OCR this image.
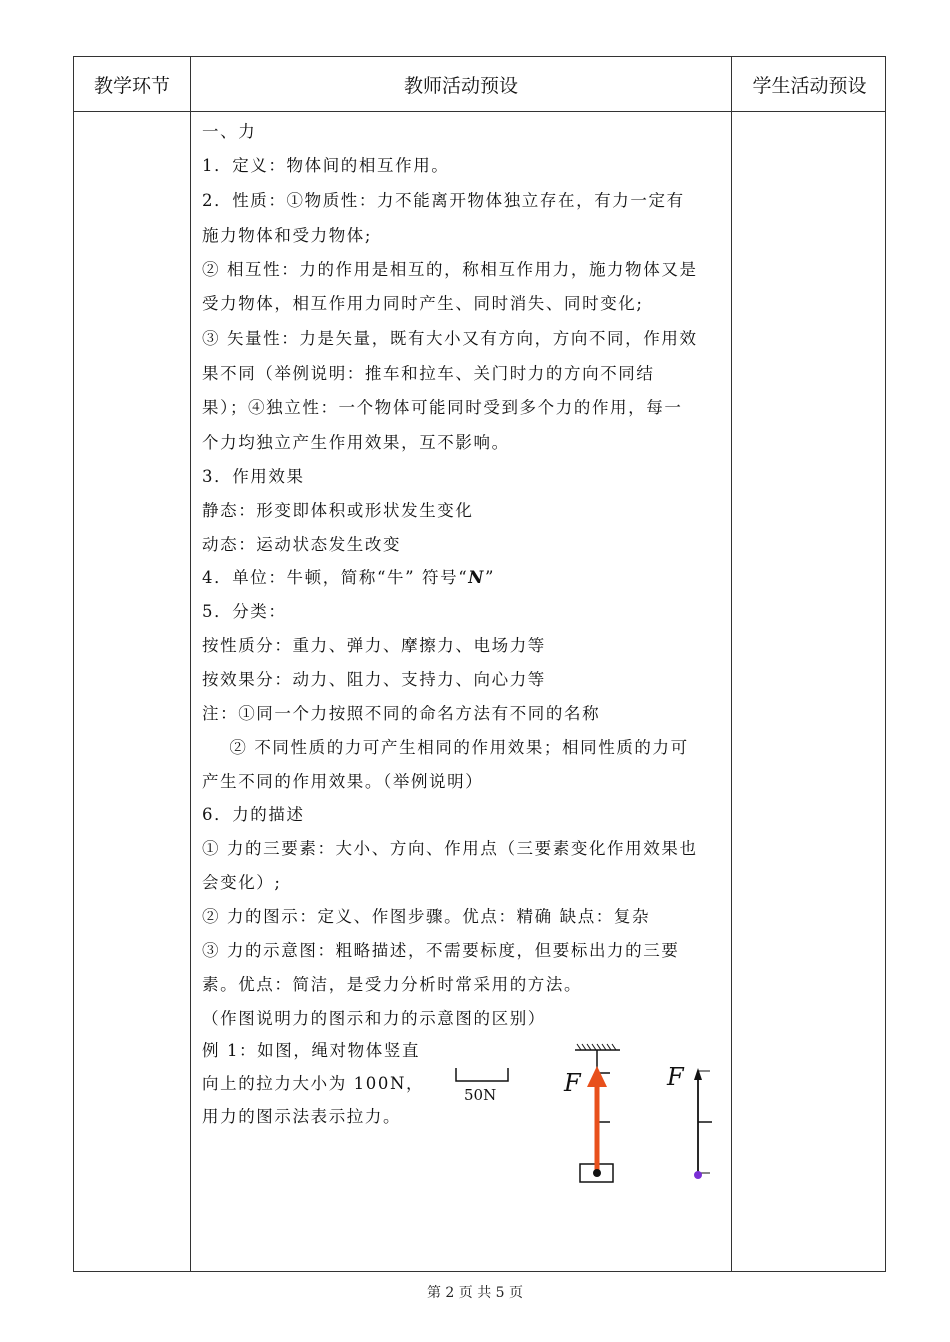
教学环节	教师活动预设	学生活动预设
一、力
1．定义：物体间的相互作用。
2．性质：①物质性：力不能离开物体独立存在，有力一定有
施力物体和受力物体;
② 相互性：力的作用是相互的，称相互作用力，施力物体又是
受力物体，相互作用力同时产生、同时消失、同时变化;
③ 矢量性：力是矢量，既有大小又有方向，方向不同，作用效
果不同（举例说明：推车和拉车、关门时力的方向不同结
果）；④独立性：一个物体可能同时受到多个力的作用，每一
个力均独立产生作用效果，互不影响。
3．作用效果
静态：形变即体积或形状发生变化
动态：运动状态发生改变
4．单位：牛顿，简称“牛” 符号“N”
5．分类：
按性质分：重力、弹力、摩擦力、电场力等
按效果分：动力、阻力、支持力、向心力等
注：①同一个力按照不同的命名方法有不同的名称
② 不同性质的力可产生相同的作用效果；相同性质的力可
产生不同的作用效果。（举例说明）
6．力的描述
① 力的三要素：大小、方向、作用点（三要素变化作用效果也
会变化）;
② 力的图示：定义、作图步骤。优点：精确 缺点：复杂
③ 力的示意图：粗略描述，不需要标度，但要标出力的三要
素。优点：简洁，是受力分析时常采用的方法。
（作图说明力的图示和力的示意图的区别）
例 1：如图，绳对物体竖直
向上的拉力大小为 100N，
用力的图示法表示拉力。
50N	F	F
第 2 页 共 5 页
